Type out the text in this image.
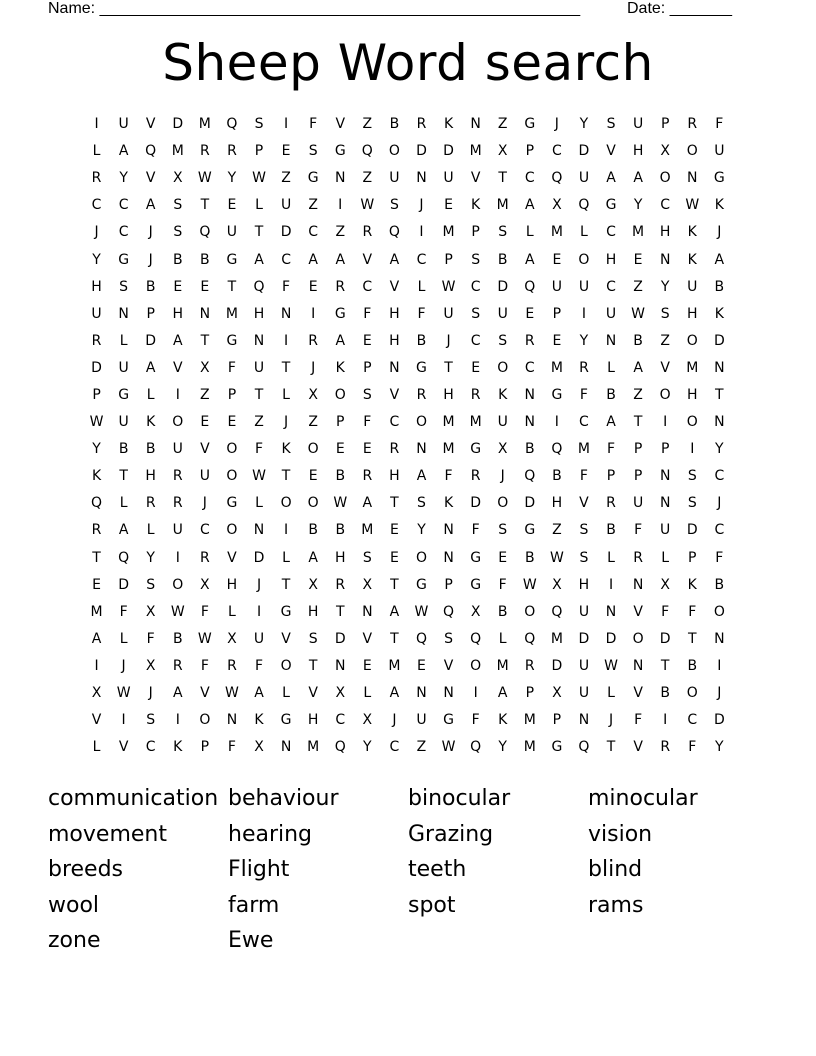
Name: ______________________________________________________	Date: _______
Sheep Word search
I	U	V	D	M	Q	S	I	F	V	Z	B	R	K	N	Z	G	J	Y	S	U	P	R	F
L	A	Q	M	R	R	P	E	S	G	Q	O	D	D	M	X	P	C	D	V	H	X	O	U
R	Y	V	X	W	Y	W	Z	G	N	Z	U	N	U	V	T	C	Q	U	A	A	O	N	G
C	C	A	S	T	E	L	U	Z	I	W	S	J	E	K	M	A	X	Q	G	Y	C	W	K
J	C	J	S	Q	U	T	D	C	Z	R	Q	I	M	P	S	L	M	L	C	M	H	K	J
Y	G	J	B	B	G	A	C	A	A	V	A	C	P	S	B	A	E	O	H	E	N	K	A
H	S	B	E	E	T	Q	F	E	R	C	V	L	W	C	D	Q	U	U	C	Z	Y	U	B
U	N	P	H	N	M	H	N	I	G	F	H	F	U	S	U	E	P	I	U	W	S	H	K
R	L	D	A	T	G	N	I	R	A	E	H	B	J	C	S	R	E	Y	N	B	Z	O	D
D	U	A	V	X	F	U	T	J	K	P	N	G	T	E	O	C	M	R	L	A	V	M	N
P	G	L	I	Z	P	T	L	X	O	S	V	R	H	R	K	N	G	F	B	Z	O	H	T
W	U	K	O	E	E	Z	J	Z	P	F	C	O	M	M	U	N	I	C	A	T	I	O	N
Y	B	B	U	V	O	F	K	O	E	E	R	N	M	G	X	B	Q	M	F	P	P	I	Y
K	T	H	R	U	O	W	T	E	B	R	H	A	F	R	J	Q	B	F	P	P	N	S	C
Q	L	R	R	J	G	L	O	O	W	A	T	S	K	D	O	D	H	V	R	U	N	S	J
R	A	L	U	C	O	N	I	B	B	M	E	Y	N	F	S	G	Z	S	B	F	U	D	C
T	Q	Y	I	R	V	D	L	A	H	S	E	O	N	G	E	B	W	S	L	R	L	P	F
E	D	S	O	X	H	J	T	X	R	X	T	G	P	G	F	W	X	H	I	N	X	K	B
M	F	X	W	F	L	I	G	H	T	N	A	W	Q	X	B	O	Q	U	N	V	F	F	O
A	L	F	B	W	X	U	V	S	D	V	T	Q	S	Q	L	Q	M	D	D	O	D	T	N
I	J	X	R	F	R	F	O	T	N	E	M	E	V	O	M	R	D	U	W	N	T	B	I
X	W	J	A	V	W	A	L	V	X	L	A	N	N	I	A	P	X	U	L	V	B	O	J
V	I	S	I	O	N	K	G	H	C	X	J	U	G	F	K	M	P	N	J	F	I	C	D
L	V	C	K	P	F	X	N	M	Q	Y	C	Z	W	Q	Y	M	G	Q	T	V	R	F	Y
communication behaviour	binocular	minocular
movement	hearing	Grazing	vision
breeds	Flight	teeth	blind
wool	farm	spot	rams
zone	Ewe
